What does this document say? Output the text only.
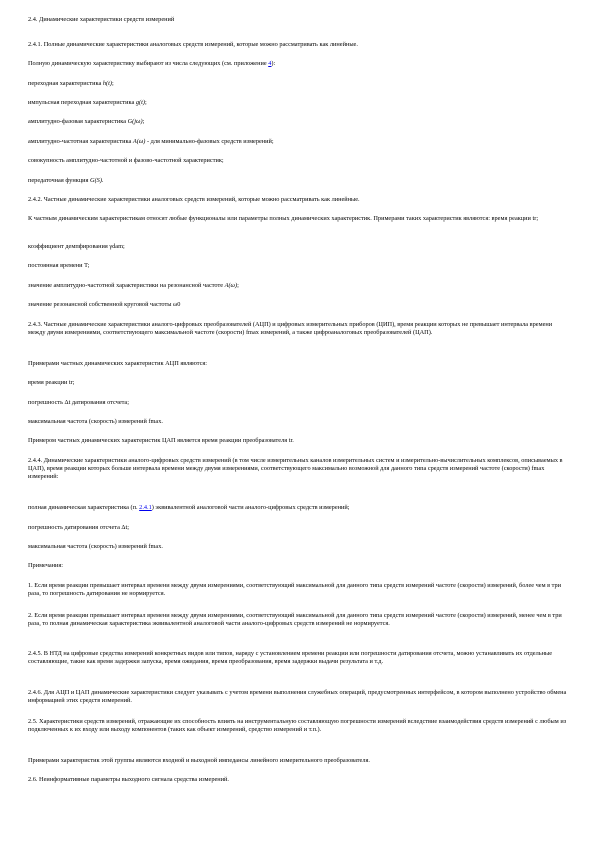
2.4. Динамические характеристики средств измерений

2.4.1. Полные динамические характеристики аналоговых средств измерений, которые можно рассматривать как линейные.

Полную динамическую характеристику выбирают из числа следующих (см. приложение 4):

переходная характеристика h(t);

импульсная переходная характеристика g(t);

амплитудно-фазовая характеристика G(jω);

амплитудно-частотная характеристика A(ω) - для минимально-фазовых средств измерений;

совокупность амплитудно-частотной и фазово-частотной характеристик;

передаточная функция G(S).

2.4.2. Частные динамические характеристики аналоговых средств измерений, которые можно рассматривать как линейные.

К частным динамическим характеристикам относят любые функционалы или параметры полных динамических характеристик. Примерами таких характеристик являются: время реакции tr;

коэффициент демпфирования γdam;

постоянная времени T;

значение амплитудно-частотной характеристики на резонансной частоте A(ω);

значение резонансной собственной круговой частоты ω0

2.4.3. Частные динамические характеристики аналого-цифровых преобразователей (АЦП) и цифровых измерительных приборов (ЦИП), время реакции которых не превышает интервала времени между двумя измерениями, соответствующего максимальной частоте (скорости) fmax измерений, а также цифроаналоговых преобразователей (ЦАП).

Примерами частных динамических характеристик АЦП являются:

время реакции tr;

погрешность Δt датирования отсчета;

максимальная частота (скорость) измерений fmax.

Примером частных динамических характеристик ЦАП является время реакции преобразователя tr.

2.4.4. Динамические характеристики аналого-цифровых средств измерений (в том числе измерительных каналов измерительных систем и измерительно-вычислительных комплексов, описываемых в ЦАП), время реакции которых больше интервала времени между двумя измерениями, соответствующего максимально возможной для данного типа средств измерений частоте (скорости) fmax измерений:

полная динамическая характеристика (п. 2.4.1) эквивалентной аналоговой части аналого-цифровых средств измерений;

погрешность датирования отсчета Δt;

максимальная частота (скорость) измерений fmax.

Примечания:

1. Если время реакции превышает интервал времени между двумя измерениями, соответствующий максимальной для данного типа средств измерений частоте (скорости) измерений, более чем в три раза, то погрешность датирования не нормируется.

2. Если время реакции превышает интервал времени между двумя измерениями, соответствующий максимальной для данного типа средств измерений частоте (скорости) измерений, менее чем в три раза, то полная динамическая характеристика эквивалентной аналоговой части аналого-цифровых средств измерений не нормируется.

2.4.5. В НТД на цифровые средства измерений конкретных видов или типов, наряду с установлением времени реакции или погрешности датирования отсчета, можно устанавливать их отдельные составляющие, такие как время задержки запуска, время ожидания, время преобразования, время задержки выдачи результата и т.д.

2.4.6. Для АЦП и ЦАП динамические характеристики следует указывать с учетом времени выполнения служебных операций, предусмотренных интерфейсом, в котором выполнено устройство обмена информацией этих средств измерений.

2.5. Характеристики средств измерений, отражающие их способность влиять на инструментальную составляющую погрешности измерений вследствие взаимодействия средств измерений с любым из подключенных к их входу или выходу компонентов (таких как объект измерений, средство измерений и т.п.).

Примерами характеристик этой группы являются входной и выходной импедансы линейного измерительного преобразователя.

2.6. Неинформативные параметры выходного сигнала средства измерений.
